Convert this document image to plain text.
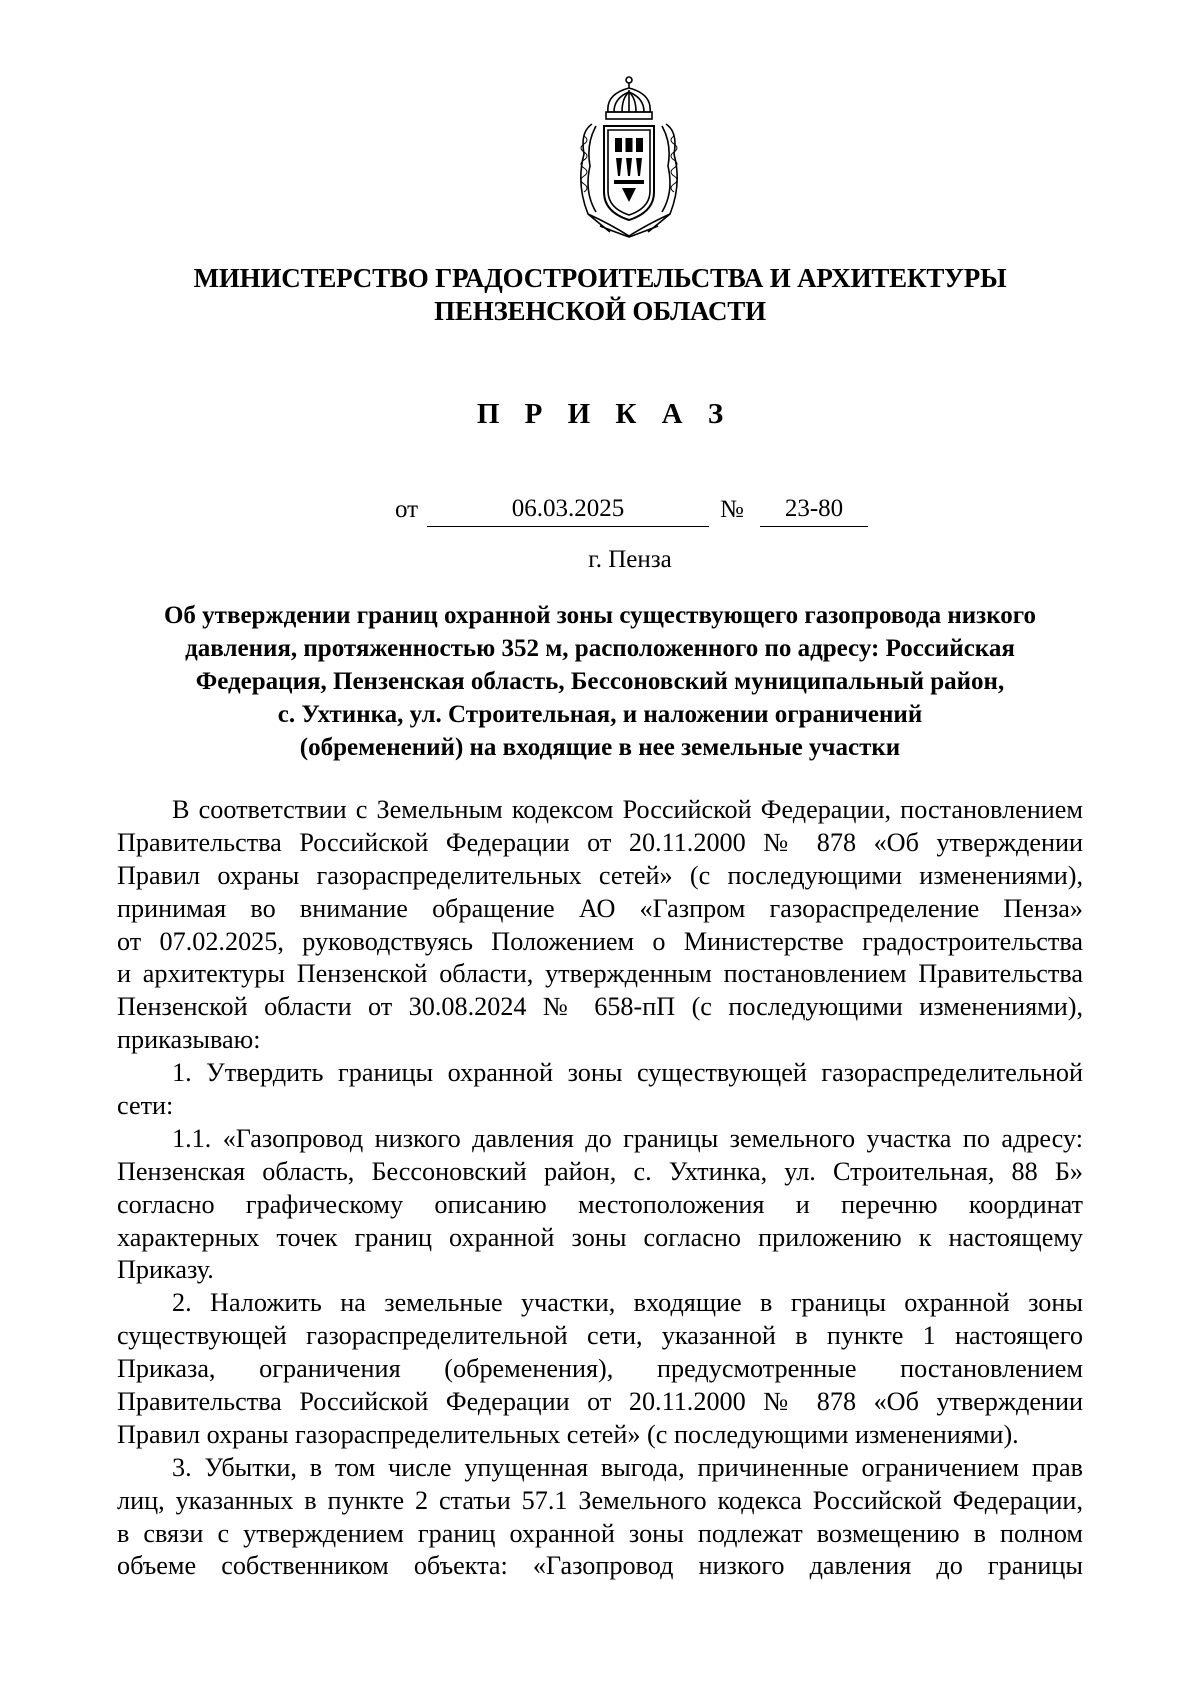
МИНИСТЕРСТВО ГРАДОСТРОИТЕЛЬСТВА И АРХИТЕКТУРЫ
ПЕНЗЕНСКОЙ ОБЛАСТИ
П Р И К А З
от	06.03.2025	№	23-80
г. Пенза
Об утверждении границ охранной зоны существующего газопровода низкого
давления, протяженностью 352 м, расположенного по адресу: Российская
Федерация, Пензенская область, Бессоновский муниципальный район,
с. Ухтинка, ул. Строительная, и наложении ограничений
(обременений) на входящие в нее земельные участки
В соответствии с Земельным кодексом Российской Федерации, постановлением
Правительства Российской Федерации от 20.11.2000 № 878 «Об утверждении
Правил охраны газораспределительных сетей» (с последующими изменениями),
принимая во внимание обращение АО «Газпром газораспределение Пенза»
от 07.02.2025, руководствуясь Положением о Министерстве градостроительства
и архитектуры Пензенской области, утвержденным постановлением Правительства
Пензенской области от 30.08.2024 № 658-пП (с последующими изменениями),
приказываю:
1. Утвердить границы охранной зоны существующей газораспределительной
сети:
1.1. «Газопровод низкого давления до границы земельного участка по адресу:
Пензенская область, Бессоновский район, с. Ухтинка, ул. Строительная, 88 Б»
согласно графическому описанию местоположения и перечню координат
характерных точек границ охранной зоны согласно приложению к настоящему
Приказу.
2. Наложить на земельные участки, входящие в границы охранной зоны
существующей газораспределительной сети, указанной в пункте 1 настоящего
Приказа, ограничения (обременения), предусмотренные постановлением
Правительства Российской Федерации от 20.11.2000 № 878 «Об утверждении
Правил охраны газораспределительных сетей» (с последующими изменениями).
3. Убытки, в том числе упущенная выгода, причиненные ограничением прав
лиц, указанных в пункте 2 статьи 57.1 Земельного кодекса Российской Федерации,
в связи с утверждением границ охранной зоны подлежат возмещению в полном
объеме собственником объекта: «Газопровод низкого давления до границы
